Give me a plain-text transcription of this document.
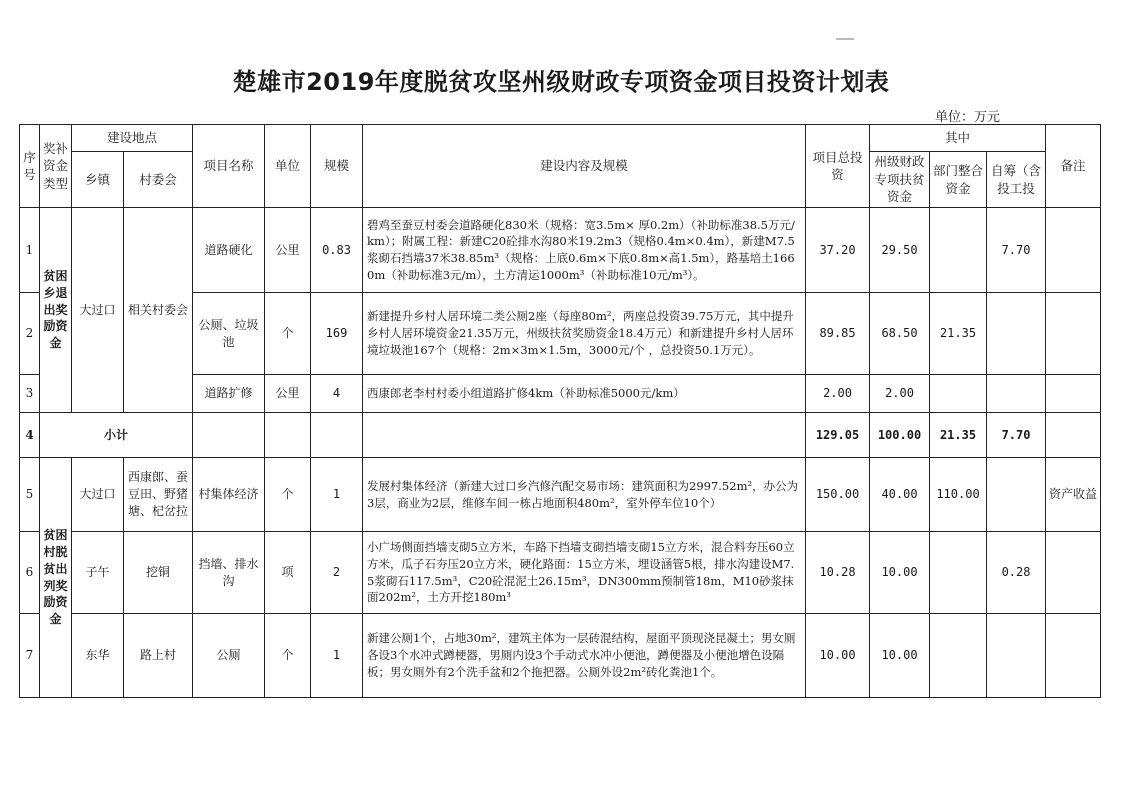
楚雄市2019年度脱贫攻坚州级财政专项资金项目投资计划表
单位：万元
序号	奖补资金类型	建设地点		项目名称	单位	规模	建设内容及规模	项目总投资	其中			备注
		乡镇	村委会						州级财政专项扶贫资金	部门整合资金	自筹（含投工投	
1	贫困乡退出奖励资金	大过口	相关村委会	道路硬化	公里	0.83	碧鸡至蚕豆村委会道路硬化830米（规格：宽3.5m× 厚0.2m）（补助标准38.5万元/km）；附属工程：新建C20砼排水沟80米19.2m3（规格0.4m×0.4m），新建M7.5浆砌石挡墙37米38.85m³（规格：上底0.6m×下底0.8m×高1.5m），路基培土1660m（补助标准3元/m），土方清运1000m³（补助标准10元/m³）。	37.20	29.50		7.70	
2				公厕、垃圾池	个	169	新建提升乡村人居环境二类公厕2座（每座80m²，两座总投资39.75万元，其中提升乡村人居环境资金21.35万元，州级扶贫奖励资金18.4万元）和新建提升乡村人居环境垃圾池167个（规格：2m×3m×1.5m，3000元/个 ，总投资50.1万元）。	89.85	68.50	21.35		
3				道路扩修	公里	4	西康郎老李村村委小组道路扩修4km（补助标准5000元/km）	2.00	2.00			
4	小计							129.05	100.00	21.35	7.70	
5	贫困村脱贫出列奖励资金	大过口	西康郎、蚕豆田、野猪塘、杞岔拉	村集体经济	个	1	发展村集体经济（新建大过口乡汽修汽配交易市场：建筑面积为2997.52m²，办公为3层，商业为2层，维修车间一栋占地面积480m²，室外停车位10个）	150.00	40.00	110.00		资产收益
6		子午	挖铜	挡墙、排水沟	项	2	小广场侧面挡墙支砌5立方米，车路下挡墙支砌挡墙支砌15立方米，混合料夯压60立方米，瓜子石夯压20立方米，硬化路面：15立方米，埋设涵管5根，排水沟建设M7.5浆砌石117.5m³，C20砼混泥土26.15m³，DN300mm预制管18m，M10砂浆抹面202m²，土方开挖180m³	10.28	10.00		0.28	
7		东华	路上村	公厕	个	1	新建公厕1个，占地30m²，建筑主体为一层砖混结构，屋面平顶现浇昆凝土；男女厕各设3个水冲式蹲梗器，男厕内设3个手动式水冲小便池，蹲便器及小便池增色设隔板；男女厕外有2个洗手盆和2个拖把器。公厕外设2m²砖化粪池1个。	10.00	10.00			
